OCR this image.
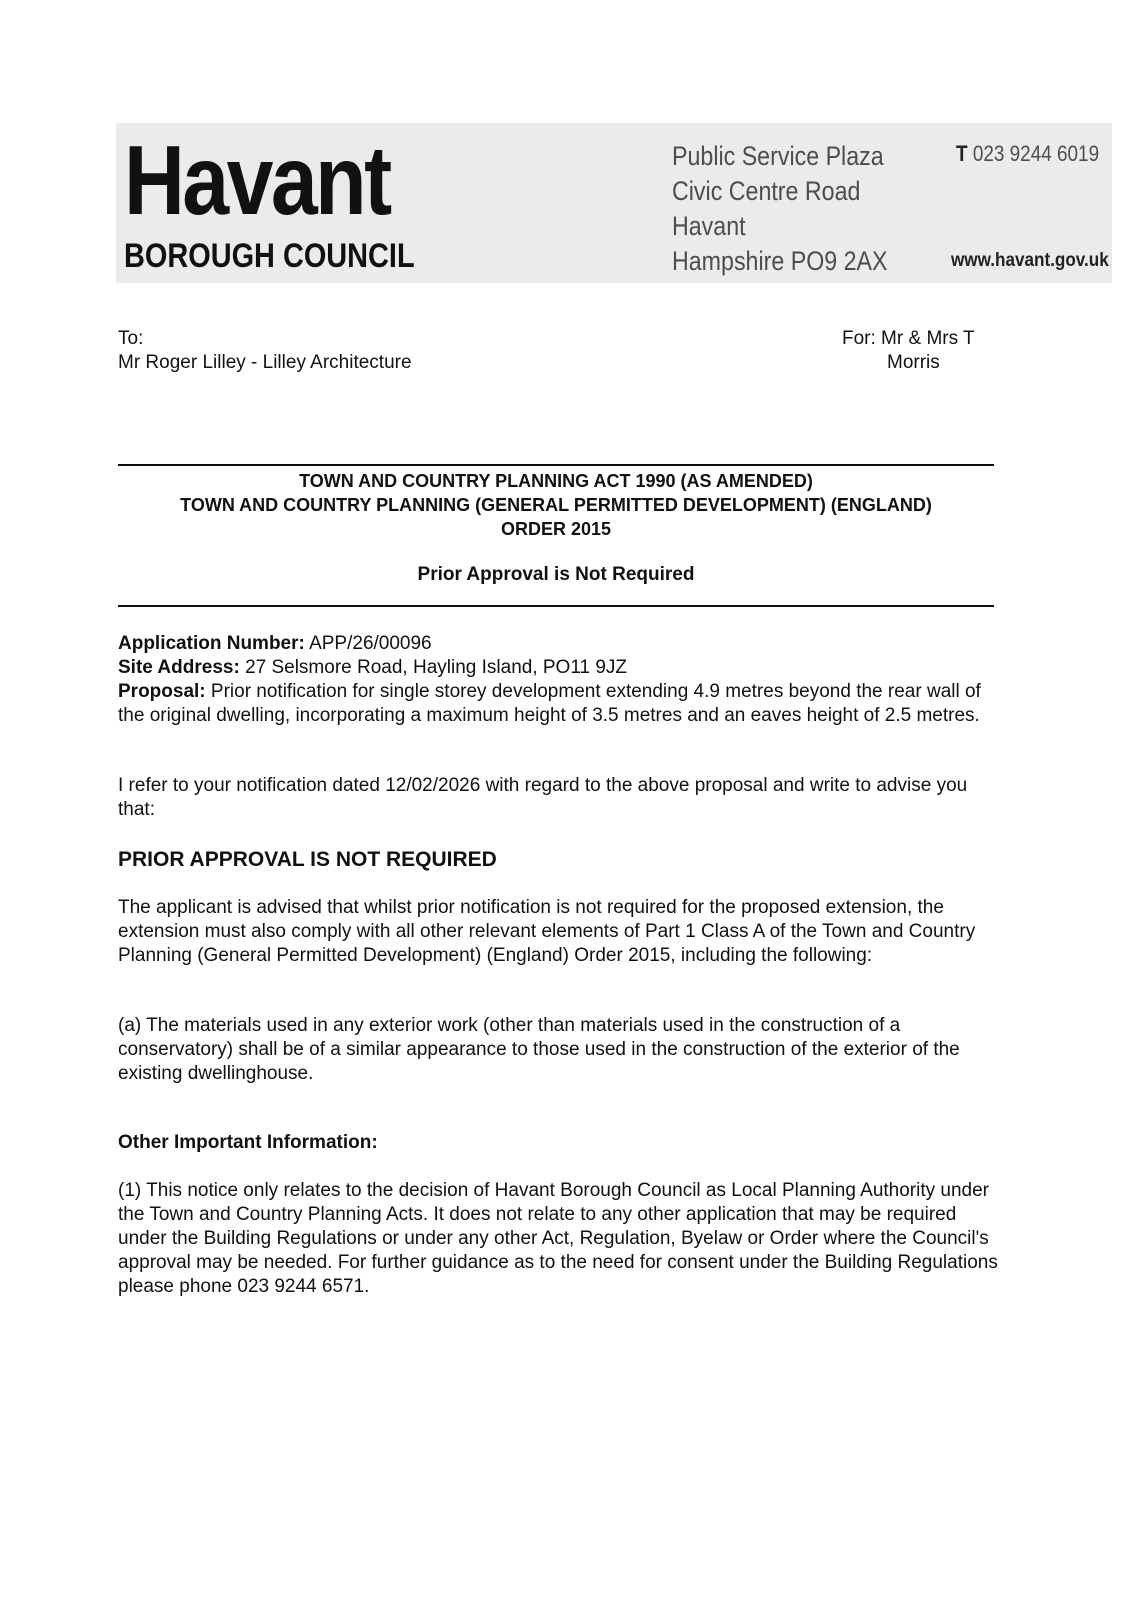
Havant
BOROUGH COUNCIL
Public Service Plaza
Civic Centre Road
Havant
Hampshire PO9 2AX
T 023 9244 6019
www.havant.gov.uk
To:
Mr Roger Lilley - Lilley Architecture
For: Mr & Mrs T
Morris
TOWN AND COUNTRY PLANNING ACT 1990 (AS AMENDED)
TOWN AND COUNTRY PLANNING (GENERAL PERMITTED DEVELOPMENT) (ENGLAND)
ORDER 2015
Prior Approval is Not Required
Application Number: APP/26/00096
Site Address: 27 Selsmore Road, Hayling Island, PO11 9JZ
Proposal: Prior notification for single storey development extending 4.9 metres beyond the rear wall of the original dwelling, incorporating a maximum height of 3.5 metres and an eaves height of 2.5 metres.
I refer to your notification dated 12/02/2026 with regard to the above proposal and write to advise you that:
PRIOR APPROVAL IS NOT REQUIRED
The applicant is advised that whilst prior notification is not required for the proposed extension, the extension must also comply with all other relevant elements of Part 1 Class A of the Town and Country Planning (General Permitted Development) (England) Order 2015, including the following:
(a) The materials used in any exterior work (other than materials used in the construction of a conservatory) shall be of a similar appearance to those used in the construction of the exterior of the existing dwellinghouse.
Other Important Information:
(1) This notice only relates to the decision of Havant Borough Council as Local Planning Authority under the Town and Country Planning Acts. It does not relate to any other application that may be required under the Building Regulations or under any other Act, Regulation, Byelaw or Order where the Council's approval may be needed. For further guidance as to the need for consent under the Building Regulations please phone 023 9244 6571.
